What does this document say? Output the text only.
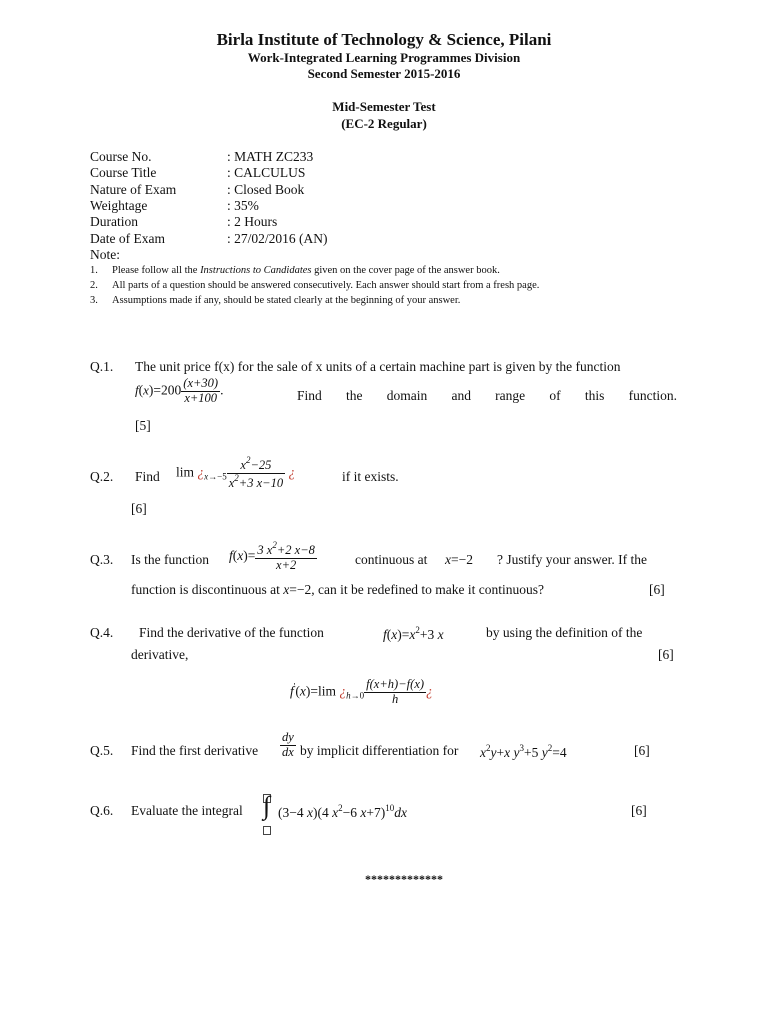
Birla Institute of Technology & Science, Pilani
Work-Integrated Learning Programmes Division
Second Semester 2015-2016
Mid-Semester Test
(EC-2 Regular)
Course No.	: MATH ZC233
Course Title	: CALCULUS
Nature of Exam	: Closed Book
Weightage	: 35%
Duration	: 2 Hours
Date of Exam	: 27/02/2016 (AN)
Note:
1. Please follow all the Instructions to Candidates given on the cover page of the answer book.
2. All parts of a question should be answered consecutively. Each answer should start from a fresh page.
3. Assumptions made if any, should be stated clearly at the beginning of your answer.
Q.1. The unit price f(x) for the sale of x units of a certain machine part is given by the function
$f(x)=200 \frac{(x+30)}{x+100}$ .	Find the domain and range of this function.
[5]
Q.2. Find $\lim ¿_{x\to-5} \frac{x^2-25}{x^2+3 x-10}$ ¿	if it exists.
[6]
Q.3. Is the function $f(x)= \frac{3 x^2+2 x-8}{x+2}$	continuous at x=−2 ? Justify your answer. If the
function is discontinuous at x=−2, can it be redefined to make it continuous?	[6]
Q.4. Find the derivative of the function	$f(x)=x^2+3$ x	by using the definition of the
derivative,	[6]
f'(x)=lim ¿$_{h\to 0} \frac{f(x+h)-f(x)}{h}$ ¿
Q.5. Find the first derivative $\frac{dy}{dx}$ by implicit differentiation for $x^2y+x$ $y^3+5$ $y^2=4$	[6]
Q.6. Evaluate the integral ∫ (3−4 x)(4 $x^2-6$ x+7)$^{10}$dx	[6]
*************
